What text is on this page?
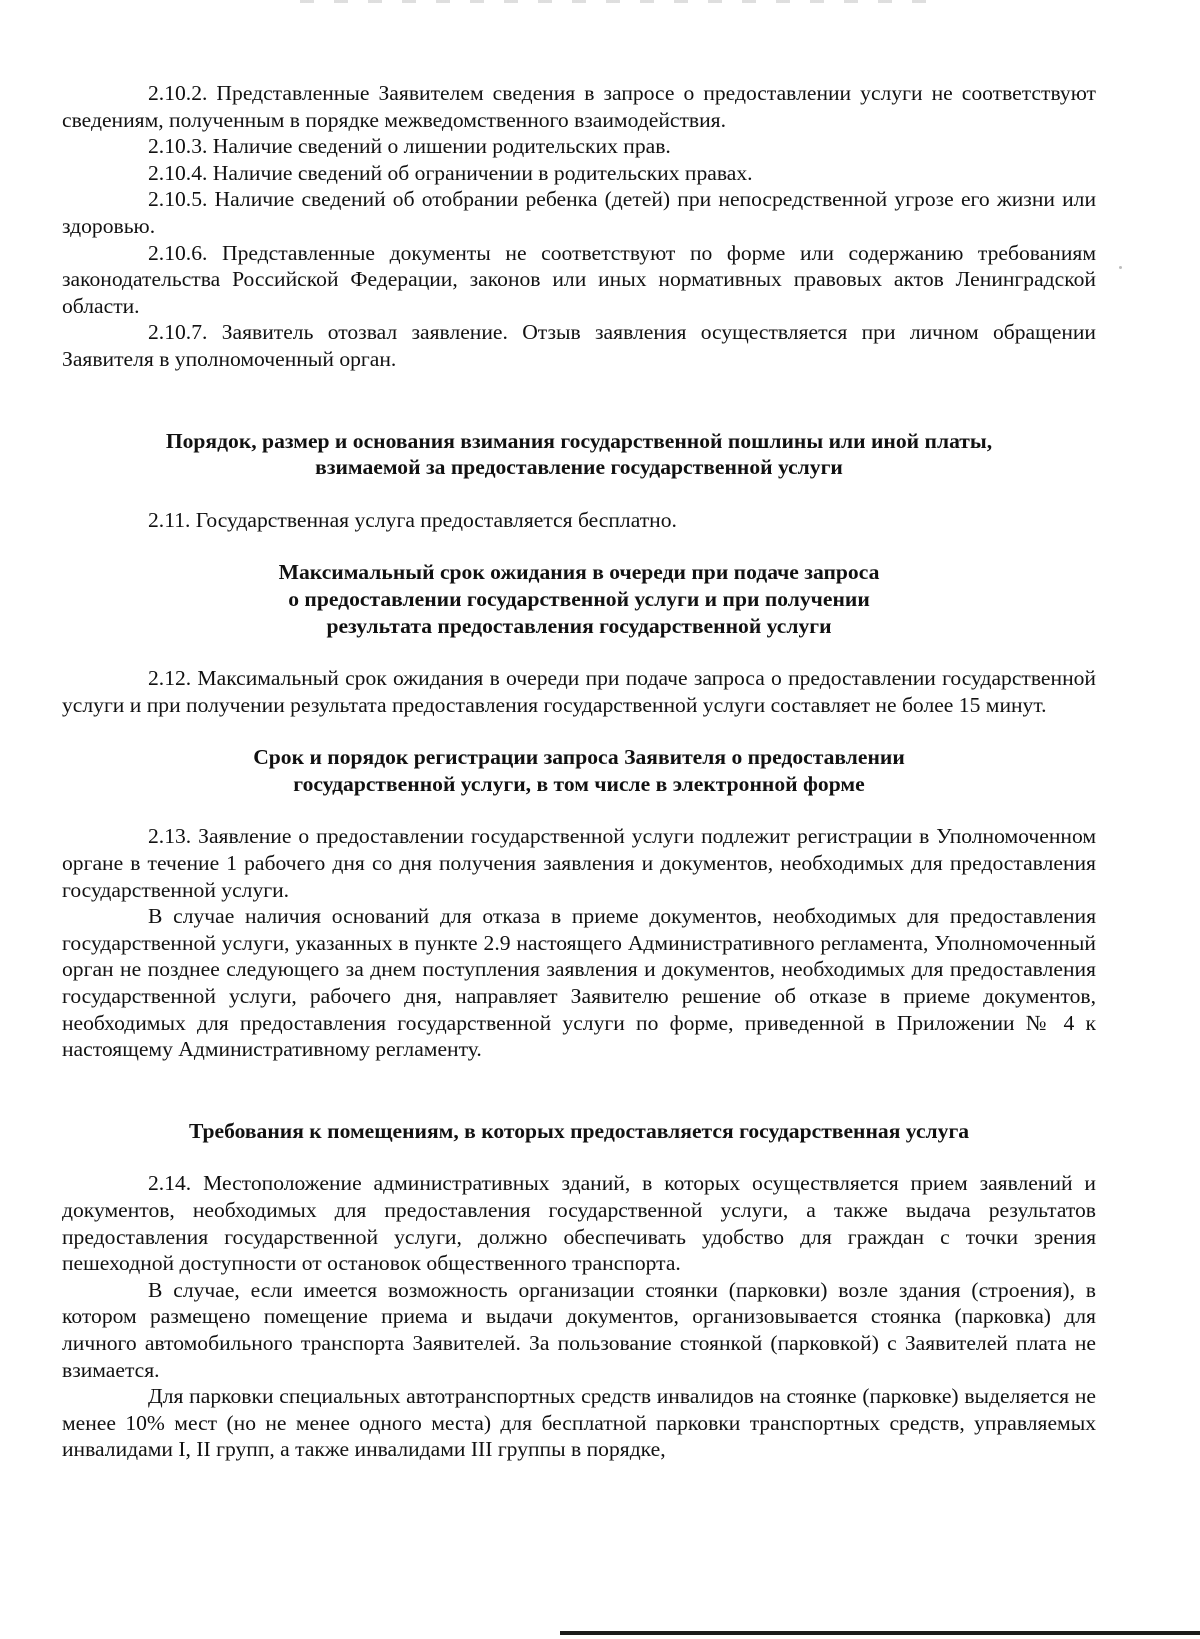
2.10.2. Представленные Заявителем сведения в запросе о предоставлении услуги не соответствуют сведениям, полученным в порядке межведомственного взаимодействия.

2.10.3. Наличие сведений о лишении родительских прав.

2.10.4. Наличие сведений об ограничении в родительских правах.

2.10.5. Наличие сведений об отобрании ребенка (детей) при непосредственной угрозе его жизни или здоровью.

2.10.6. Представленные документы не соответствуют по форме или содержанию требованиям законодательства Российской Федерации, законов или иных нормативных правовых актов Ленинградской области.

2.10.7. Заявитель отозвал заявление. Отзыв заявления осуществляется при личном обращении Заявителя в уполномоченный орган.

Порядок, размер и основания взимания государственной пошлины или иной платы,
взимаемой за предоставление государственной услуги

2.11. Государственная услуга предоставляется бесплатно.

Максимальный срок ожидания в очереди при подаче запроса
о предоставлении государственной услуги и при получении
результата предоставления государственной услуги

2.12. Максимальный срок ожидания в очереди при подаче запроса о предоставлении государственной услуги и при получении результата предоставления государственной услуги составляет не более 15 минут.

Срок и порядок регистрации запроса Заявителя о предоставлении
государственной услуги, в том числе в электронной форме

2.13. Заявление о предоставлении государственной услуги подлежит регистрации в Уполномоченном органе в течение 1 рабочего дня со дня получения заявления и документов, необходимых для предоставления государственной услуги.

В случае наличия оснований для отказа в приеме документов, необходимых для предоставления государственной услуги, указанных в пункте 2.9 настоящего Административного регламента, Уполномоченный орган не позднее следующего за днем поступления заявления и документов, необходимых для предоставления государственной услуги, рабочего дня, направляет Заявителю решение об отказе в приеме документов, необходимых для предоставления государственной услуги по форме, приведенной в Приложении № 4 к настоящему Административному регламенту.

Требования к помещениям, в которых предоставляется государственная услуга

2.14. Местоположение административных зданий, в которых осуществляется прием заявлений и документов, необходимых для предоставления государственной услуги, а также выдача результатов предоставления государственной услуги, должно обеспечивать удобство для граждан с точки зрения пешеходной доступности от остановок общественного транспорта.

В случае, если имеется возможность организации стоянки (парковки) возле здания (строения), в котором размещено помещение приема и выдачи документов, организовывается стоянка (парковка) для личного автомобильного транспорта Заявителей. За пользование стоянкой (парковкой) с Заявителей плата не взимается.

Для парковки специальных автотранспортных средств инвалидов на стоянке (парковке) выделяется не менее 10% мест (но не менее одного места) для бесплатной парковки транспортных средств, управляемых инвалидами I, II групп, а также инвалидами III группы в порядке,
